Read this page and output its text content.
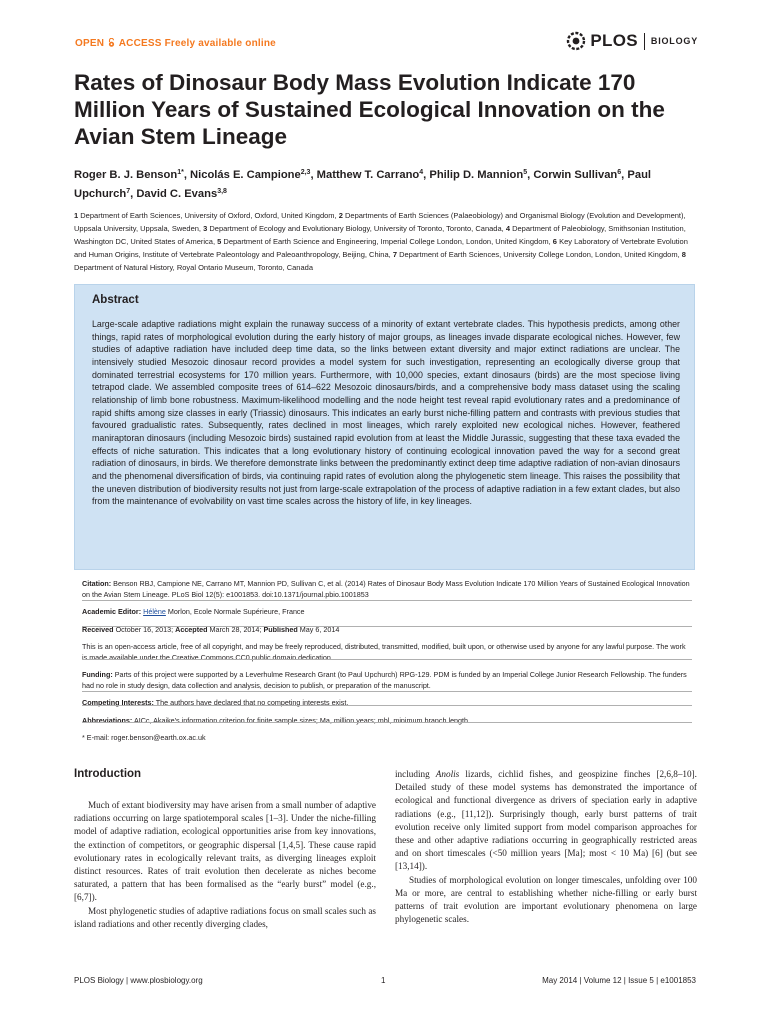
OPEN ACCESS Freely available online	PLOS BIOLOGY
Rates of Dinosaur Body Mass Evolution Indicate 170 Million Years of Sustained Ecological Innovation on the Avian Stem Lineage

Roger B. J. Benson$^{1*}$, Nicolás E. Campione$^{2,3}$, Matthew T. Carrano$^4$, Philip D. Mannion$^5$, Corwin Sullivan$^6$, Paul Upchurch$^7$, David C. Evans$^{3,8}$

1 Department of Earth Sciences, University of Oxford, Oxford, United Kingdom, 2 Departments of Earth Sciences (Palaeobiology) and Organismal Biology (Evolution and Development), Uppsala University, Uppsala, Sweden, 3 Department of Ecology and Evolutionary Biology, University of Toronto, Toronto, Canada, 4 Department of Paleobiology, Smithsonian Institution, Washington DC, United States of America, 5 Department of Earth Science and Engineering, Imperial College London, London, United Kingdom, 6 Key Laboratory of Vertebrate Evolution and Human Origins, Institute of Vertebrate Paleontology and Paleoanthropology, Beijing, China, 7 Department of Earth Sciences, University College London, London, United Kingdom, 8 Department of Natural History, Royal Ontario Museum, Toronto, Canada

Abstract

Large-scale adaptive radiations might explain the runaway success of a minority of extant vertebrate clades. This hypothesis predicts, among other things, rapid rates of morphological evolution during the early history of major groups, as lineages invade disparate ecological niches. However, few studies of adaptive radiation have included deep time data, so the links between extant diversity and major extinct radiations are unclear. The intensively studied Mesozoic dinosaur record provides a model system for such investigation, representing an ecologically diverse group that dominated terrestrial ecosystems for 170 million years. Furthermore, with 10,000 species, extant dinosaurs (birds) are the most speciose living tetrapod clade. We assembled composite trees of 614–622 Mesozoic dinosaurs/birds, and a comprehensive body mass dataset using the scaling relationship of limb bone robustness. Maximum-likelihood modelling and the node height test reveal rapid evolutionary rates and a predominance of rapid shifts among size classes in early (Triassic) dinosaurs. This indicates an early burst niche-filling pattern and contrasts with previous studies that favoured gradualistic rates. Subsequently, rates declined in most lineages, which rarely exploited new ecological niches. However, feathered maniraptoran dinosaurs (including Mesozoic birds) sustained rapid evolution from at least the Middle Jurassic, suggesting that these taxa evaded the effects of niche saturation. This indicates that a long evolutionary history of continuing ecological innovation paved the way for a second great radiation of dinosaurs, in birds. We therefore demonstrate links between the predominantly extinct deep time adaptive radiation of non-avian dinosaurs and the phenomenal diversification of birds, via continuing rapid rates of evolution along the phylogenetic stem lineage. This raises the possibility that the uneven distribution of biodiversity results not just from large-scale extrapolation of the process of adaptive radiation in a few extant clades, but also from the maintenance of evolvability on vast time scales across the history of life, in key lineages.

Citation: Benson RBJ, Campione NE, Carrano MT, Mannion PD, Sullivan C, et al. (2014) Rates of Dinosaur Body Mass Evolution Indicate 170 Million Years of Sustained Ecological Innovation on the Avian Stem Lineage. PLoS Biol 12(5): e1001853. doi:10.1371/journal.pbio.1001853

Academic Editor: Hélène Morlon, Ecole Normale Supérieure, France

Received October 16, 2013; Accepted March 28, 2014; Published May 6, 2014

This is an open-access article, free of all copyright, and may be freely reproduced, distributed, transmitted, modified, built upon, or otherwise used by anyone for any lawful purpose. The work is made available under the Creative Commons CC0 public domain dedication.

Funding: Parts of this project were supported by a Leverhulme Research Grant (to Paul Upchurch) RPG-129. PDM is funded by an Imperial College Junior Research Fellowship. The funders had no role in study design, data collection and analysis, decision to publish, or preparation of the manuscript.

Competing Interests: The authors have declared that no competing interests exist.

Abbreviations: AICc, Akaike's information criterion for finite sample sizes; Ma, million years; mbl, minimum branch length.

* E-mail: roger.benson@earth.ox.ac.uk

Introduction

Much of extant biodiversity may have arisen from a small number of adaptive radiations occurring on large spatiotemporal scales [1–3]. Under the niche-filling model of adaptive radiation, ecological opportunities arise from key innovations, the extinction of competitors, or geographic dispersal [1,4,5]. These cause rapid evolutionary rates in ecologically relevant traits, as diverging lineages exploit distinct resources. Rates of trait evolution then decelerate as niches become saturated, a pattern that has been formalised as the “early burst” model (e.g., [6,7]).

Most phylogenetic studies of adaptive radiations focus on small scales such as island radiations and other recently diverging clades,

including Anolis lizards, cichlid fishes, and geospizine finches [2,6,8–10]. Detailed study of these model systems has demonstrated the importance of ecological and functional divergence as drivers of speciation early in adaptive radiations (e.g., [11,12]). Surprisingly though, early burst patterns of trait evolution receive only limited support from model comparison approaches for these and other adaptive radiations occurring in geographically restricted areas and on short timescales (<50 million years [Ma]; most < 10 Ma) [6] (but see [13,14]).

Studies of morphological evolution on longer timescales, unfolding over 100 Ma or more, are central to establishing whether niche-filling or early burst patterns of trait evolution are important evolutionary phenomena on large phylogenetic scales.

PLOS Biology | www.plosbiology.org	1	May 2014 | Volume 12 | Issue 5 | e1001853
